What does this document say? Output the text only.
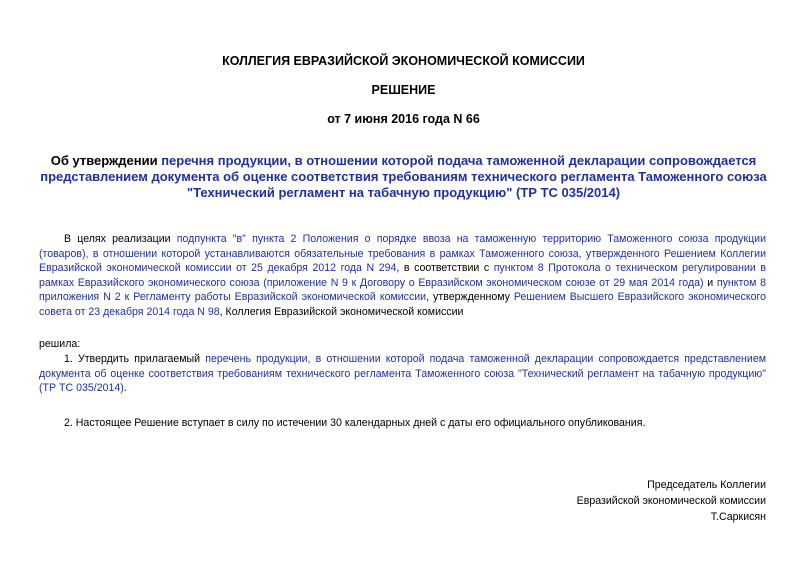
КОЛЛЕГИЯ ЕВРАЗИЙСКОЙ ЭКОНОМИЧЕСКОЙ КОМИССИИ
РЕШЕНИЕ
от 7 июня 2016 года N 66
Об утверждении перечня продукции, в отношении которой подача таможенной декларации сопровождается представлением документа об оценке соответствия требованиям технического регламента Таможенного союза "Технический регламент на табачную продукцию" (ТР ТС 035/2014)
В целях реализации подпункта "в" пункта 2 Положения о порядке ввоза на таможенную территорию Таможенного союза продукции (товаров), в отношении которой устанавливаются обязательные требования в рамках Таможенного союза, утвержденного Решением Коллегии Евразийской экономической комиссии от 25 декабря 2012 года N 294, в соответствии с пунктом 8 Протокола о техническом регулировании в рамках Евразийского экономического союза (приложение N 9 к Договору о Евразийском экономическом союзе от 29 мая 2014 года) и пунктом 8 приложения N 2 к Регламенту работы Евразийской экономической комиссии, утвержденному Решением Высшего Евразийского экономического совета от 23 декабря 2014 года N 98, Коллегия Евразийской экономической комиссии
решила:
1. Утвердить прилагаемый перечень продукции, в отношении которой подача таможенной декларации сопровождается представлением документа об оценке соответствия требованиям технического регламента Таможенного союза "Технический регламент на табачную продукцию" (ТР ТС 035/2014).
2. Настоящее Решение вступает в силу по истечении 30 календарных дней с даты его официального опубликования.
Председатель Коллегии
Евразийской экономической комиссии
Т.Саркисян
